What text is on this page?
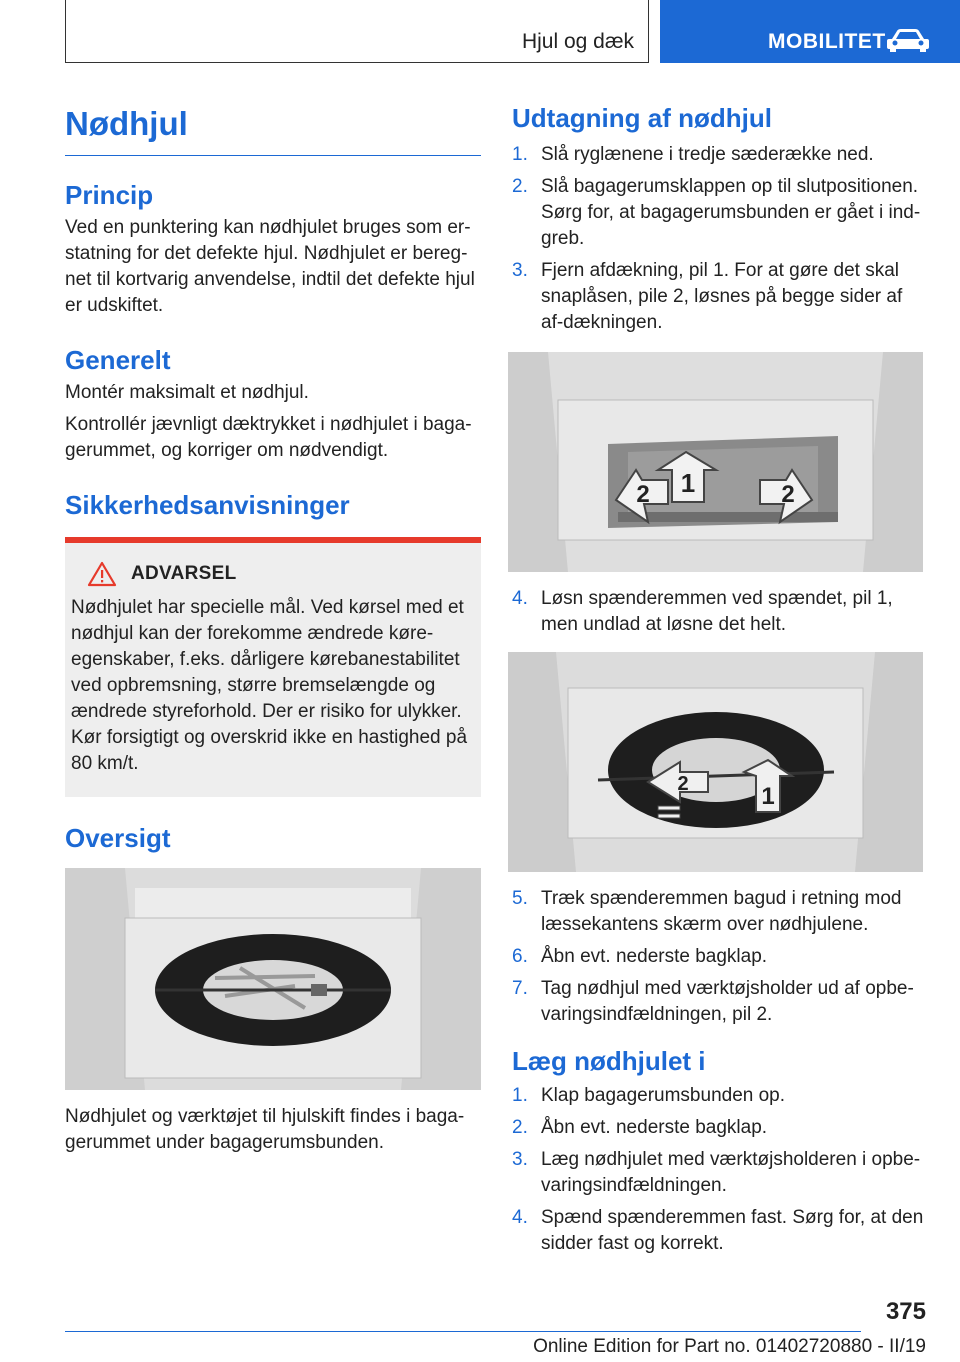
Hjul og dæk	MOBILITET
Nødhjul
Princip

Ved en punktering kan nødhjulet bruges som er-statning for det defekte hjul. Nødhjulet er bereg-net til kortvarig anvendelse, indtil det defekte hjul er udskiftet.

Generelt

Montér maksimalt et nødhjul.

Kontrollér jævnligt dæktrykket i nødhjulet i baga-gerummet, og korriger om nødvendigt.

Sikkerhedsanvisninger
ADVARSEL

Nødhjulet har specielle mål. Ved kørsel med et nødhjul kan der forekomme ændrede køre-egenskaber, f.eks. dårligere kørebanestabilitet ved opbremsning, større bremselængde og ændrede styreforhold. Der er risiko for ulykker. Kør forsigtigt og overskrid ikke en hastighed på 80 km/t.

Oversigt

Nødhjulet og værktøjet til hjulskift findes i baga-gerummet under bagagerumsbunden.

Udtagning af nødhjul
1. Slå ryglænene i tredje sæderække ned.
2. Slå bagagerumsklappen op til slutpositionen. Sørg for, at bagagerumsbunden er gået i ind-greb.
3. Fjern afdækning, pil 1. For at gøre det skal snaplåsen, pile 2, løsnes på begge sider af af-dækningen.
1
2	2
4. Løsn spænderemmen ved spændet, pil 1, men undlad at løsne det helt.
2	1
5. Træk spænderemmen bagud i retning mod læssekantens skærm over nødhjulene.
6. Åbn evt. nederste bagklap.
7. Tag nødhjul med værktøjsholder ud af opbe-varingsindfældningen, pil 2.
Læg nødhjulet i
1. Klap bagagerumsbunden op.
2. Åbn evt. nederste bagklap.
3. Læg nødhjulet med værktøjsholderen i opbe-varingsindfældningen.
4. Spænd spænderemmen fast. Sørg for, at den sidder fast og korrekt.
375
Online Edition for Part no. 01402720880 - II/19
